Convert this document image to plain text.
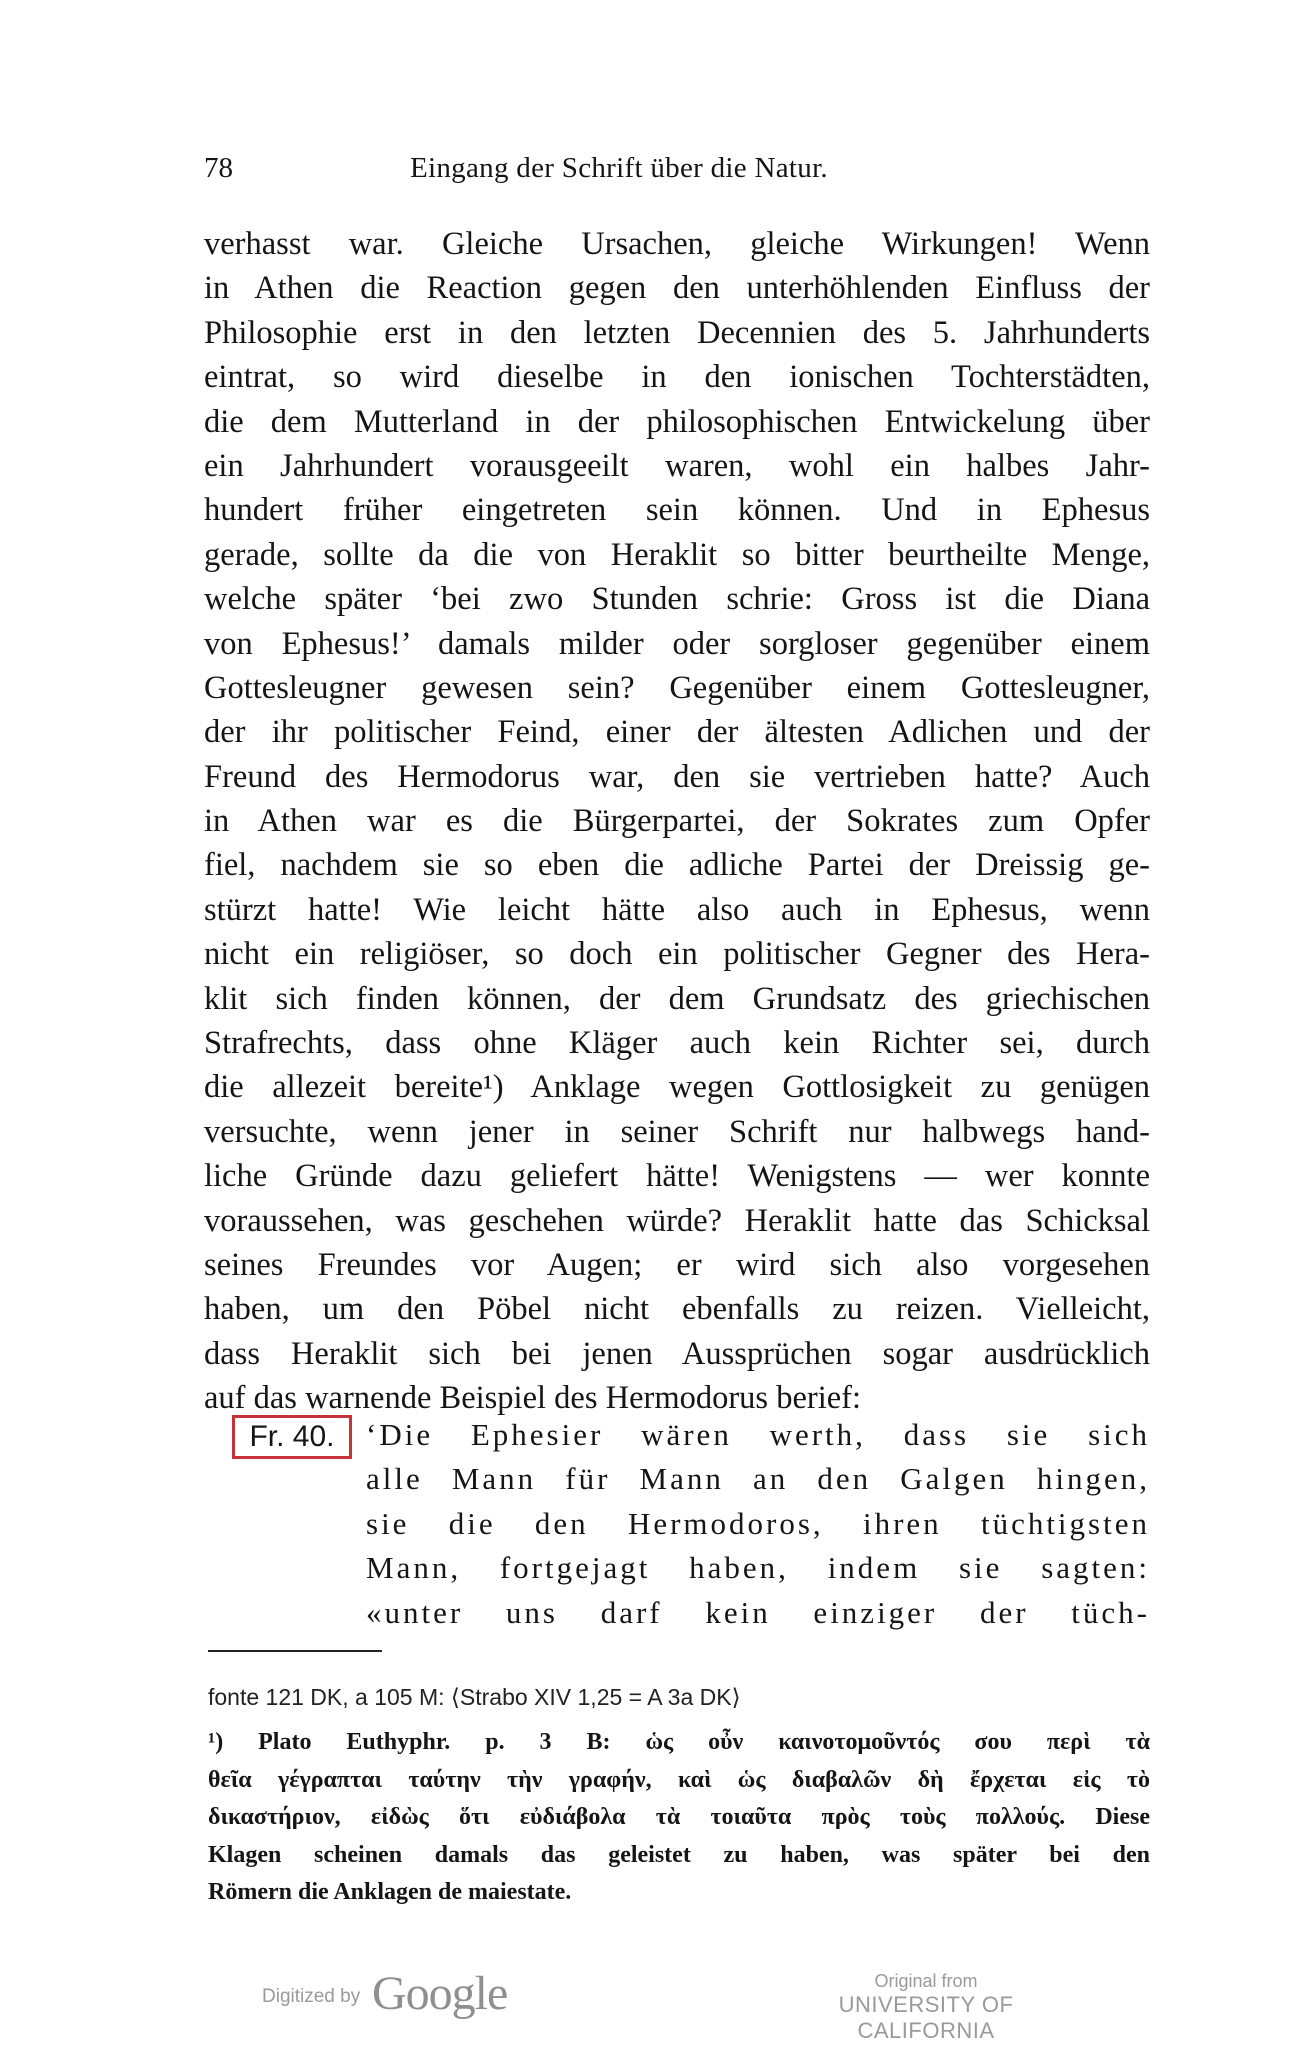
78	Eingang der Schrift über die Natur.
verhasst war. Gleiche Ursachen, gleiche Wirkungen! Wenn
in Athen die Reaction gegen den unterhöhlenden Einfluss der
Philosophie erst in den letzten Decennien des 5. Jahrhunderts
eintrat, so wird dieselbe in den ionischen Tochterstädten,
die dem Mutterland in der philosophischen Entwickelung über
ein Jahrhundert vorausgeeilt waren, wohl ein halbes Jahr-
hundert früher eingetreten sein können. Und in Ephesus
gerade, sollte da die von Heraklit so bitter beurtheilte Menge,
welche später ‘bei zwo Stunden schrie: Gross ist die Diana
von Ephesus!’ damals milder oder sorgloser gegenüber einem
Gottesleugner gewesen sein? Gegenüber einem Gottesleugner,
der ihr politischer Feind, einer der ältesten Adlichen und der
Freund des Hermodorus war, den sie vertrieben hatte? Auch
in Athen war es die Bürgerpartei, der Sokrates zum Opfer
fiel, nachdem sie so eben die adliche Partei der Dreissig ge-
stürzt hatte! Wie leicht hätte also auch in Ephesus, wenn
nicht ein religiöser, so doch ein politischer Gegner des Hera-
klit sich finden können, der dem Grundsatz des griechischen
Strafrechts, dass ohne Kläger auch kein Richter sei, durch
die allezeit bereite¹) Anklage wegen Gottlosigkeit zu genügen
versuchte, wenn jener in seiner Schrift nur halbwegs hand-
liche Gründe dazu geliefert hätte! Wenigstens — wer konnte
voraussehen, was geschehen würde? Heraklit hatte das Schicksal
seines Freundes vor Augen; er wird sich also vorgesehen
haben, um den Pöbel nicht ebenfalls zu reizen. Vielleicht,
dass Heraklit sich bei jenen Aussprüchen sogar ausdrücklich
auf das warnende Beispiel des Hermodorus berief:
Fr. 40.	‘Die Ephesier wären werth, dass sie sich
alle Mann für Mann an den Galgen hingen,
sie die den Hermodoros, ihren tüchtigsten
Mann, fortgejagt haben, indem sie sagten:
«unter uns darf kein einziger der tüch-
fonte 121 DK, a 105 M: ⟨Strabo XIV 1,25 = A 3a DK⟩
¹) Plato Euthyphr. p. 3 B: ὡς οὖν καινοτομοῦντός σου περὶ τὰ
θεῖα γέγραπται ταύτην τὴν γραφήν, καὶ ὡς διαβαλῶν δὴ ἔρχεται εἰς τὸ
δικαστήριον, εἰδὼς ὅτι εὐδιάβολα τὰ τοιαῦτα πρὸς τοὺς πολλούς. Diese
Klagen scheinen damals das geleistet zu haben, was später bei den
Römern die Anklagen de maiestate.
Digitized by Google	Original from
UNIVERSITY OF CALIFORNIA
